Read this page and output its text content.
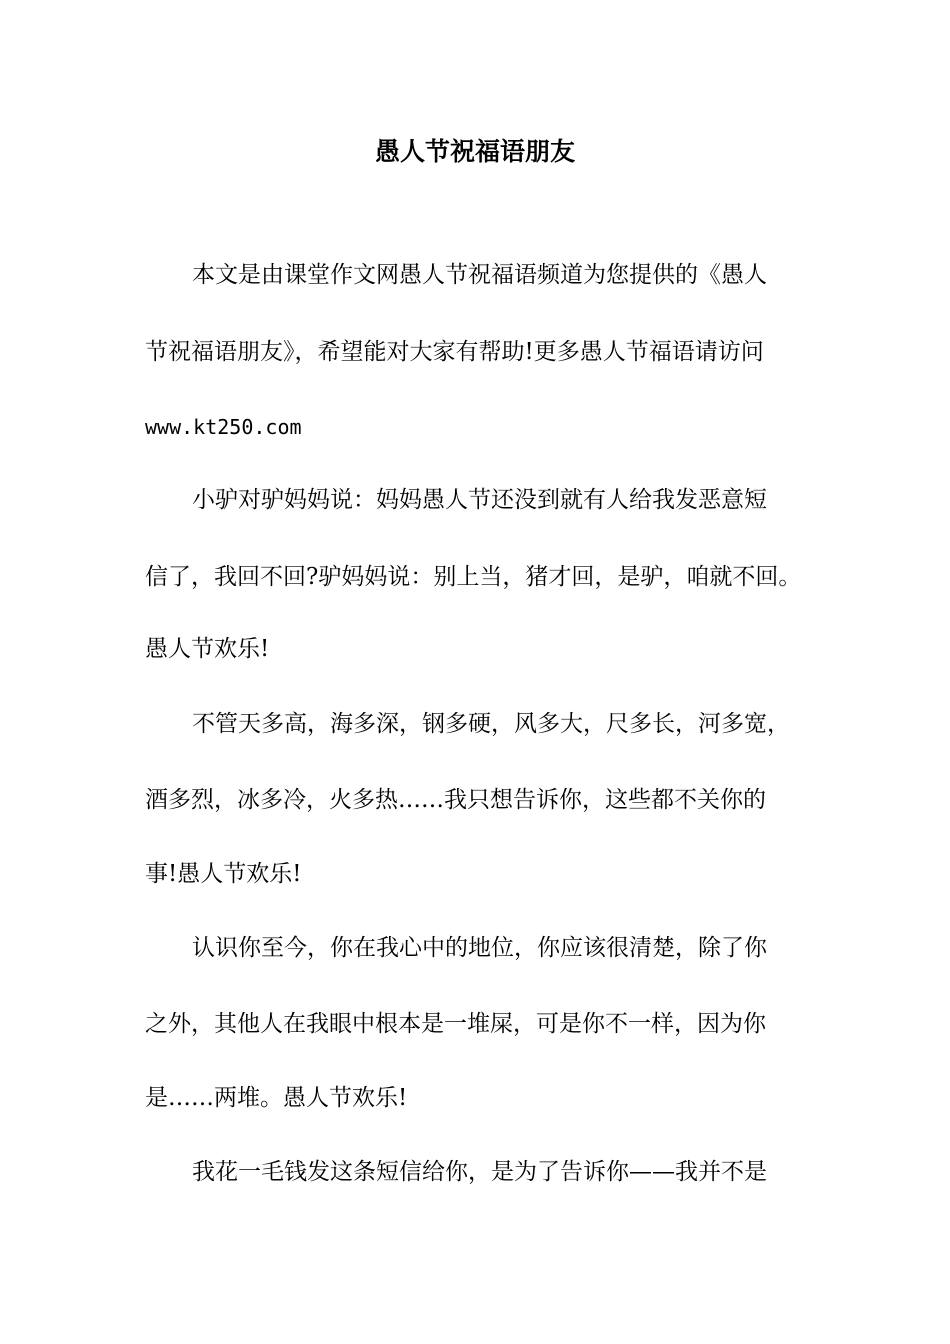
愚人节祝福语朋友

本文是由课堂作文网愚人节祝福语频道为您提供的《愚人

节祝福语朋友》，希望能对大家有帮助!更多愚人节福语请访问

www.kt250.com

小驴对驴妈妈说：妈妈愚人节还没到就有人给我发恶意短

信了，我回不回?驴妈妈说：别上当，猪才回，是驴，咱就不回。

愚人节欢乐!

不管天多高，海多深，钢多硬，风多大，尺多长，河多宽，

酒多烈，冰多冷，火多热……我只想告诉你，这些都不关你的

事!愚人节欢乐!

认识你至今，你在我心中的地位，你应该很清楚，除了你

之外，其他人在我眼中根本是一堆屎，可是你不一样，因为你

是……两堆。愚人节欢乐!

我花一毛钱发这条短信给你，是为了告诉你——我并不是
